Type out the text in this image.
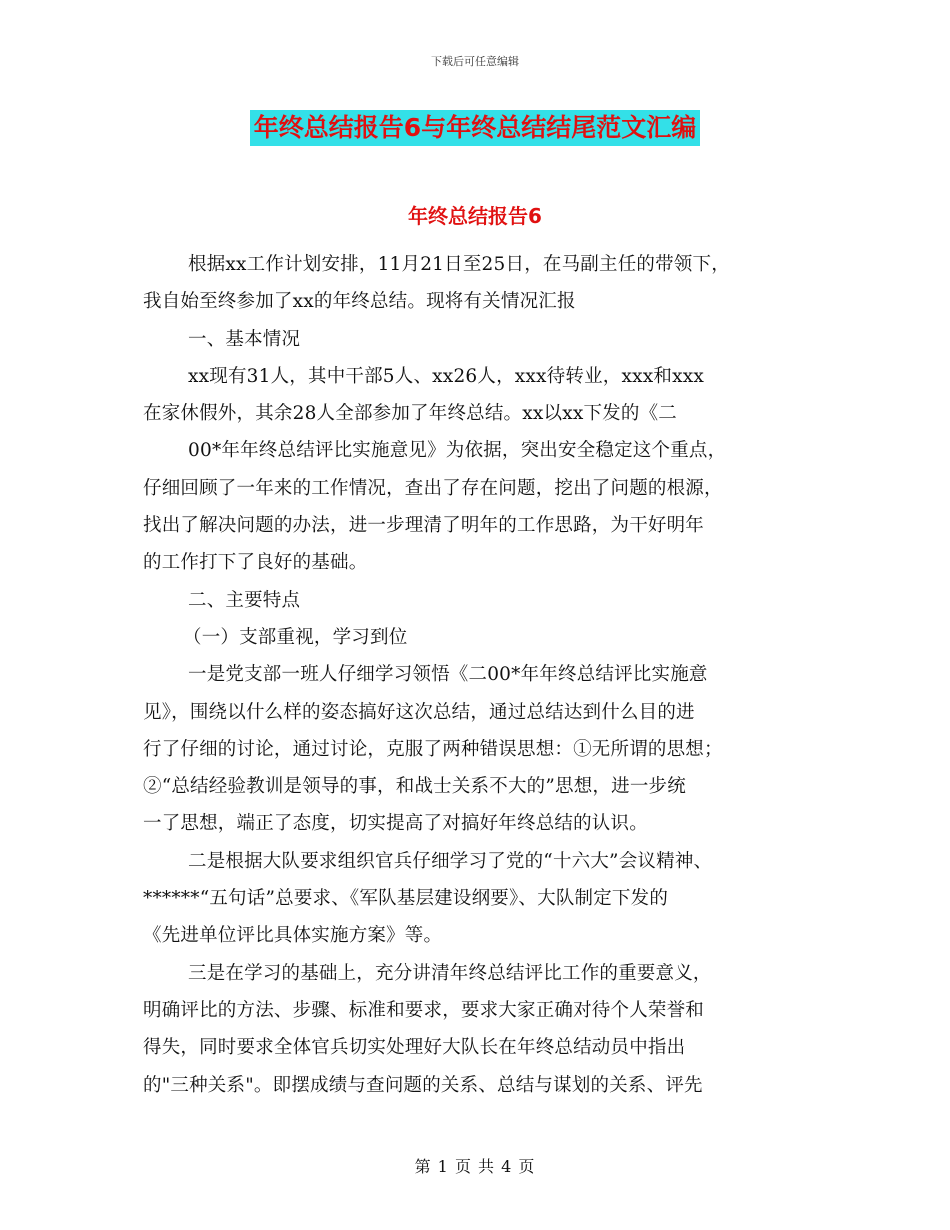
下载后可任意编辑
年终总结报告6与年终总结结尾范文汇编
年终总结报告6
根据xx工作计划安排，11月21日至25日，在马副主任的带领下，
我自始至终参加了xx的年终总结。现将有关情况汇报
一、基本情况
xx现有31人，其中干部5人、xx26人，xxx待转业，xxx和xxx
在家休假外，其余28人全部参加了年终总结。xx以xx下发的《二
00*年年终总结评比实施意见》为依据，突出安全稳定这个重点，
仔细回顾了一年来的工作情况，查出了存在问题，挖出了问题的根源，
找出了解决问题的办法，进一步理清了明年的工作思路，为干好明年
的工作打下了良好的基础。
二、主要特点
（一）支部重视，学习到位
一是党支部一班人仔细学习领悟《二00*年年终总结评比实施意
见》，围绕以什么样的姿态搞好这次总结，通过总结达到什么目的进
行了仔细的讨论，通过讨论，克服了两种错误思想：①无所谓的思想；
②“总结经验教训是领导的事，和战士关系不大的”思想，进一步统
一了思想，端正了态度，切实提高了对搞好年终总结的认识。
二是根据大队要求组织官兵仔细学习了党的“十六大”会议精神、
******“五句话”总要求、《军队基层建设纲要》、大队制定下发的
《先进单位评比具体实施方案》等。
三是在学习的基础上，充分讲清年终总结评比工作的重要意义，
明确评比的方法、步骤、标准和要求，要求大家正确对待个人荣誉和
得失，同时要求全体官兵切实处理好大队长在年终总结动员中指出
的"三种关系"。即摆成绩与查问题的关系、总结与谋划的关系、评先
第 1 页 共 4 页
